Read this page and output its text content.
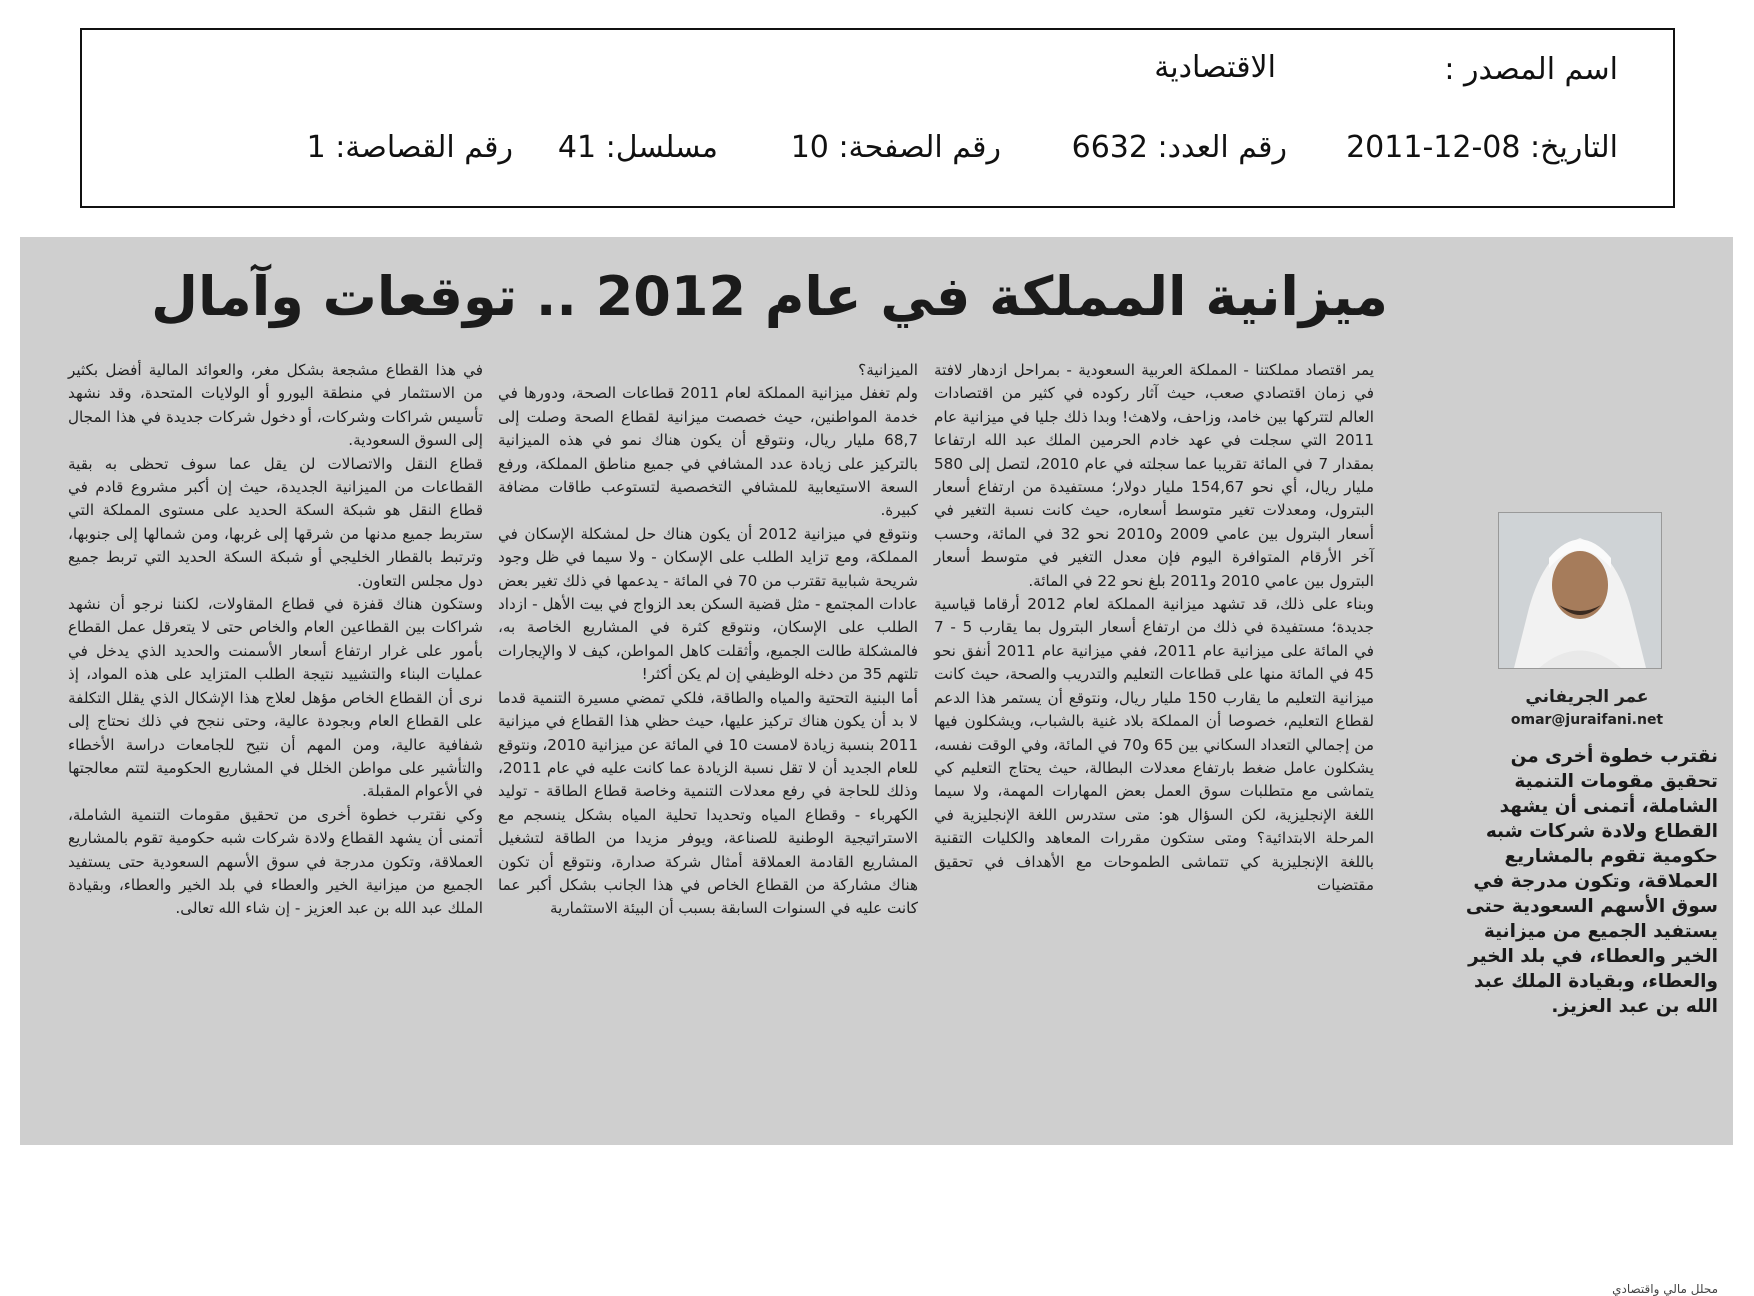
اسم المصدر :
الاقتصادية
التاريخ: 08-12-2011
رقم العدد: 6632
رقم الصفحة: 10
مسلسل: 41
رقم القصاصة: 1
ميزانية المملكة في عام 2012 .. توقعات وآمال

يمر اقتصاد مملكتنا - المملكة العربية السعودية - بمراحل ازدهار لافتة في زمان اقتصادي صعب، حيث آثار ركوده في كثير من اقتصادات العالم لتتركها بين خامد، وزاحف، ولاهث! وبدا ذلك جليا في ميزانية عام 2011 التي سجلت في عهد خادم الحرمين الملك عبد الله ارتفاعا بمقدار 7 في المائة تقريبا عما سجلته في عام 2010، لتصل إلى 580 مليار ريال، أي نحو 154,67 مليار دولار؛ مستفيدة من ارتفاع أسعار البترول، ومعدلات تغير متوسط أسعاره، حيث كانت نسبة التغير في أسعار البترول بين عامي 2009 و2010 نحو 32 في المائة، وحسب آخر الأرقام المتوافرة اليوم فإن معدل التغير في متوسط أسعار البترول بين عامي 2010 و2011 بلغ نحو 22 في المائة.

وبناء على ذلك، قد تشهد ميزانية المملكة لعام 2012 أرقاما قياسية جديدة؛ مستفيدة في ذلك من ارتفاع أسعار البترول بما يقارب 5 - 7 في المائة على ميزانية عام 2011، ففي ميزانية عام 2011 أنفق نحو 45 في المائة منها على قطاعات التعليم والتدريب والصحة، حيث كانت ميزانية التعليم ما يقارب 150 مليار ريال، ونتوقع أن يستمر هذا الدعم لقطاع التعليم، خصوصا أن المملكة بلاد غنية بالشباب، ويشكلون فيها من إجمالي التعداد السكاني بين 65 و70 في المائة، وفي الوقت نفسه، يشكلون عامل ضغط بارتفاع معدلات البطالة، حيث يحتاج التعليم كي يتماشى مع متطلبات سوق العمل بعض المهارات المهمة، ولا سيما اللغة الإنجليزية، لكن السؤال هو: متى ستدرس اللغة الإنجليزية في المرحلة الابتدائية؟ ومتى ستكون مقررات المعاهد والكليات التقنية باللغة الإنجليزية كي تتماشى الطموحات مع الأهداف في تحقيق مقتضيات

الميزانية؟

ولم تغفل ميزانية المملكة لعام 2011 قطاعات الصحة، ودورها في خدمة المواطنين، حيث خصصت ميزانية لقطاع الصحة وصلت إلى 68,7 مليار ريال، ونتوقع أن يكون هناك نمو في هذه الميزانية بالتركيز على زيادة عدد المشافي في جميع مناطق المملكة، ورفع السعة الاستيعابية للمشافي التخصصية لتستوعب طاقات مضافة كبيرة.

ونتوقع في ميزانية 2012 أن يكون هناك حل لمشكلة الإسكان في المملكة، ومع تزايد الطلب على الإسكان - ولا سيما في ظل وجود شريحة شبابية تقترب من 70 في المائة - يدعمها في ذلك تغير بعض عادات المجتمع - مثل قضية السكن بعد الزواج في بيت الأهل - ازداد الطلب على الإسكان، ونتوقع كثرة في المشاريع الخاصة به، فالمشكلة طالت الجميع، وأثقلت كاهل المواطن، كيف لا والإيجارات تلتهم 35 من دخله الوظيفي إن لم يكن أكثر!

أما البنية التحتية والمياه والطاقة، فلكي تمضي مسيرة التنمية قدما لا بد أن يكون هناك تركيز عليها، حيث حظي هذا القطاع في ميزانية 2011 بنسبة زيادة لامست 10 في المائة عن ميزانية 2010، ونتوقع للعام الجديد أن لا تقل نسبة الزيادة عما كانت عليه في عام 2011، وذلك للحاجة في رفع معدلات التنمية وخاصة قطاع الطاقة - توليد الكهرباء - وقطاع المياه وتحديدا تحلية المياه بشكل ينسجم مع الاستراتيجية الوطنية للصناعة، ويوفر مزيدا من الطاقة لتشغيل المشاريع القادمة العملاقة أمثال شركة صدارة، ونتوقع أن تكون هناك مشاركة من القطاع الخاص في هذا الجانب بشكل أكبر عما كانت عليه في السنوات السابقة بسبب أن البيئة الاستثمارية

في هذا القطاع مشجعة بشكل مغر، والعوائد المالية أفضل بكثير من الاستثمار في منطقة اليورو أو الولايات المتحدة، وقد نشهد تأسيس شراكات وشركات، أو دخول شركات جديدة في هذا المجال إلى السوق السعودية.

قطاع النقل والاتصالات لن يقل عما سوف تحظى به بقية القطاعات من الميزانية الجديدة، حيث إن أكبر مشروع قادم في قطاع النقل هو شبكة السكة الحديد على مستوى المملكة التي ستربط جميع مدنها من شرقها إلى غربها، ومن شمالها إلى جنوبها، وترتبط بالقطار الخليجي أو شبكة السكة الحديد التي تربط جميع دول مجلس التعاون.

وستكون هناك قفزة في قطاع المقاولات، لكننا نرجو أن نشهد شراكات بين القطاعين العام والخاص حتى لا يتعرقل عمل القطاع بأمور على غرار ارتفاع أسعار الأسمنت والحديد الذي يدخل في عمليات البناء والتشييد نتيجة الطلب المتزايد على هذه المواد، إذ نرى أن القطاع الخاص مؤهل لعلاج هذا الإشكال الذي يقلل التكلفة على القطاع العام وبجودة عالية، وحتى ننجح في ذلك نحتاج إلى شفافية عالية، ومن المهم أن نتيح للجامعات دراسة الأخطاء والتأشير على مواطن الخلل في المشاريع الحكومية لتتم معالجتها في الأعوام المقبلة.

وكي نقترب خطوة أخرى من تحقيق مقومات التنمية الشاملة، أتمنى أن يشهد القطاع ولادة شركات شبه حكومية تقوم بالمشاريع العملاقة، وتكون مدرجة في سوق الأسهم السعودية حتى يستفيد الجميع من ميزانية الخير والعطاء في بلد الخير والعطاء، وبقيادة الملك عبد الله بن عبد العزيز - إن شاء الله تعالى.

عمر الجريفاني
omar@juraifani.net
نقترب خطوة أخرى من تحقيق مقومات التنمية الشاملة، أتمنى أن يشهد القطاع ولادة شركات شبه حكومية تقوم بالمشاريع العملاقة، وتكون مدرجة في سوق الأسهم السعودية حتى يستفيد الجميع من ميزانية الخير والعطاء، في بلد الخير والعطاء، وبقيادة الملك عبد الله بن عبد العزيز.
محلل مالي واقتصادي
